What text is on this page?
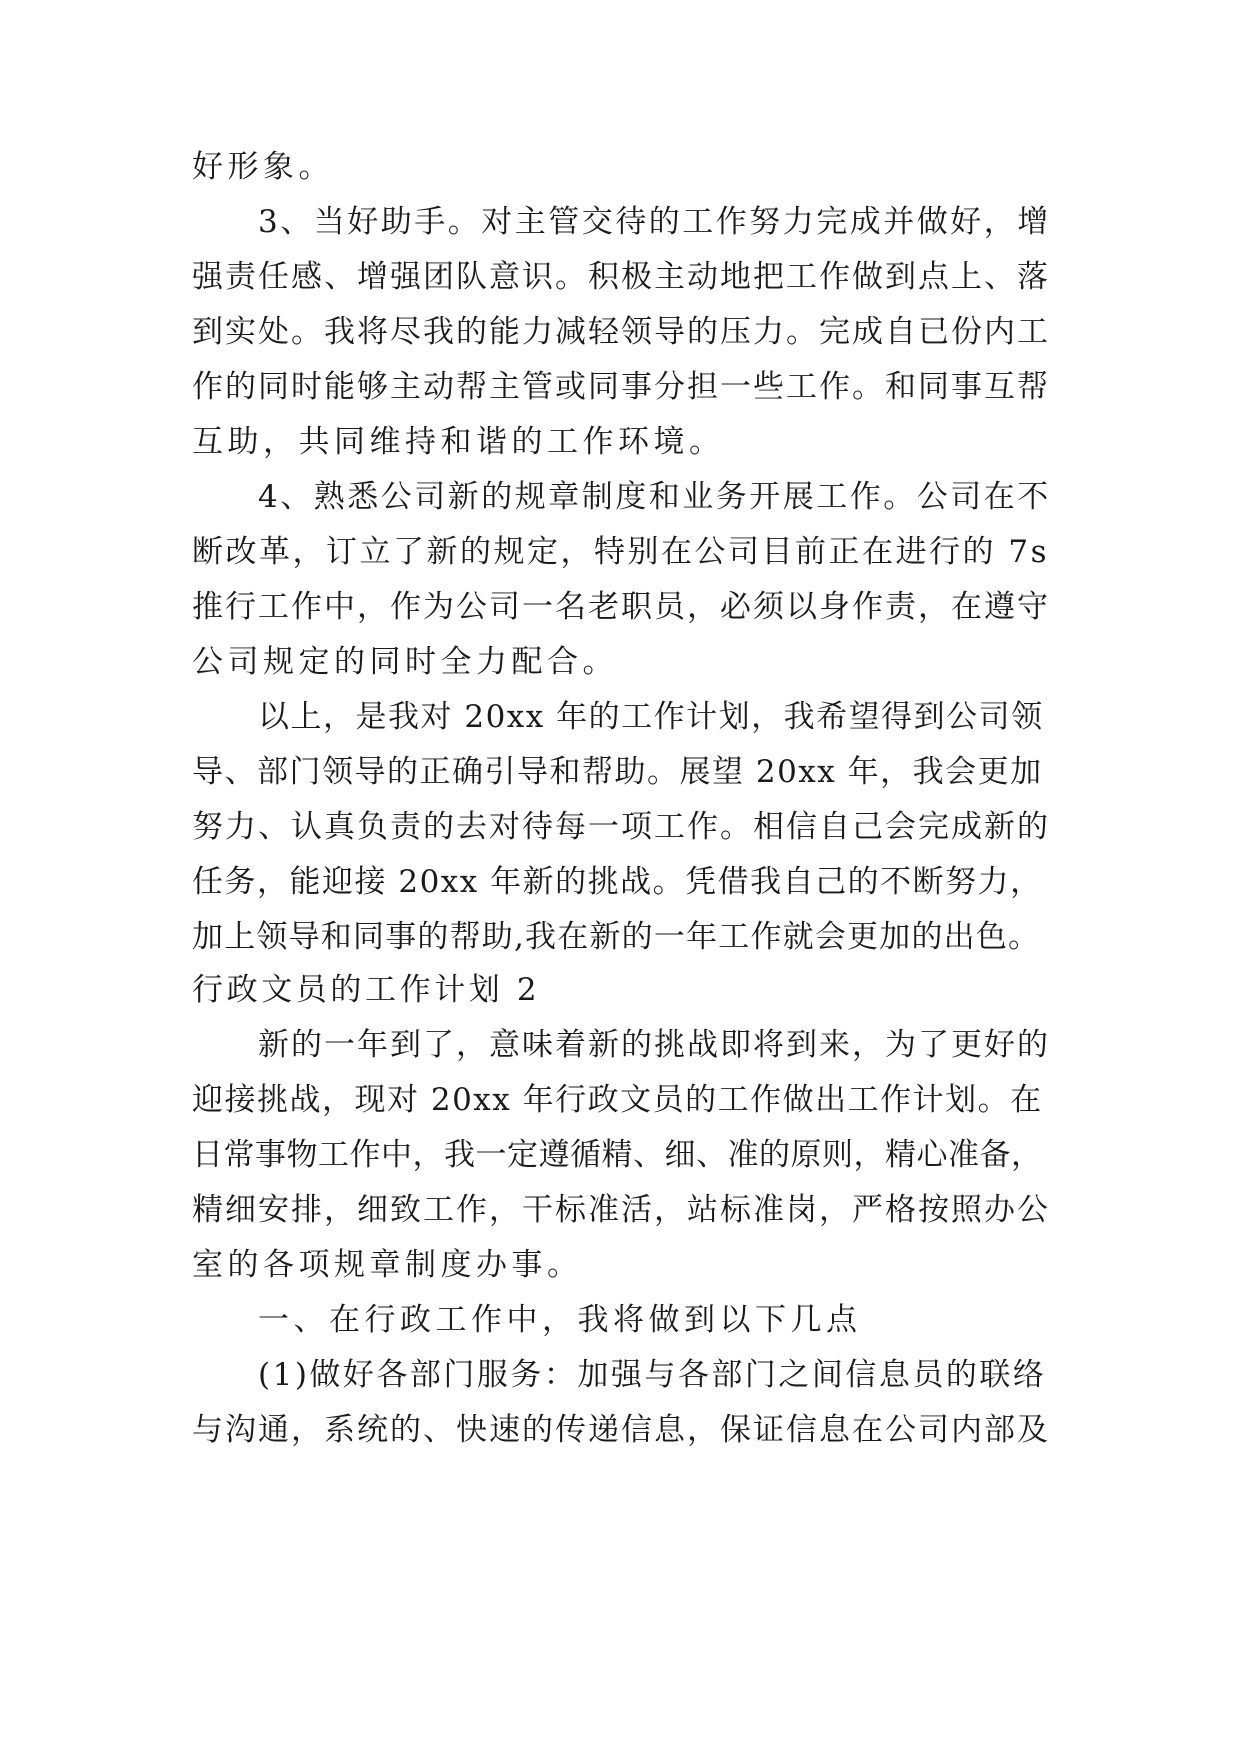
好形象。
3、当好助手。对主管交待的工作努力完成并做好，增
强责任感、增强团队意识。积极主动地把工作做到点上、落
到实处。我将尽我的能力减轻领导的压力。完成自已份内工
作的同时能够主动帮主管或同事分担一些工作。和同事互帮
互助，共同维持和谐的工作环境。
4、熟悉公司新的规章制度和业务开展工作。公司在不
断改革，订立了新的规定，特别在公司目前正在进行的 7s
推行工作中，作为公司一名老职员，必须以身作责，在遵守
公司规定的同时全力配合。
以上，是我对 20xx 年的工作计划，我希望得到公司领
导、部门领导的正确引导和帮助。展望 20xx 年，我会更加
努力、认真负责的去对待每一项工作。相信自己会完成新的
任务，能迎接 20xx 年新的挑战。凭借我自己的不断努力，
加上领导和同事的帮助,我在新的一年工作就会更加的出色。
行政文员的工作计划 2
新的一年到了，意味着新的挑战即将到来，为了更好的
迎接挑战，现对 20xx 年行政文员的工作做出工作计划。在
日常事物工作中，我一定遵循精、细、准的原则，精心准备，
精细安排，细致工作，干标准活，站标准岗，严格按照办公
室的各项规章制度办事。
一、在行政工作中，我将做到以下几点
(1)做好各部门服务：加强与各部门之间信息员的联络
与沟通，系统的、快速的传递信息，保证信息在公司内部及
